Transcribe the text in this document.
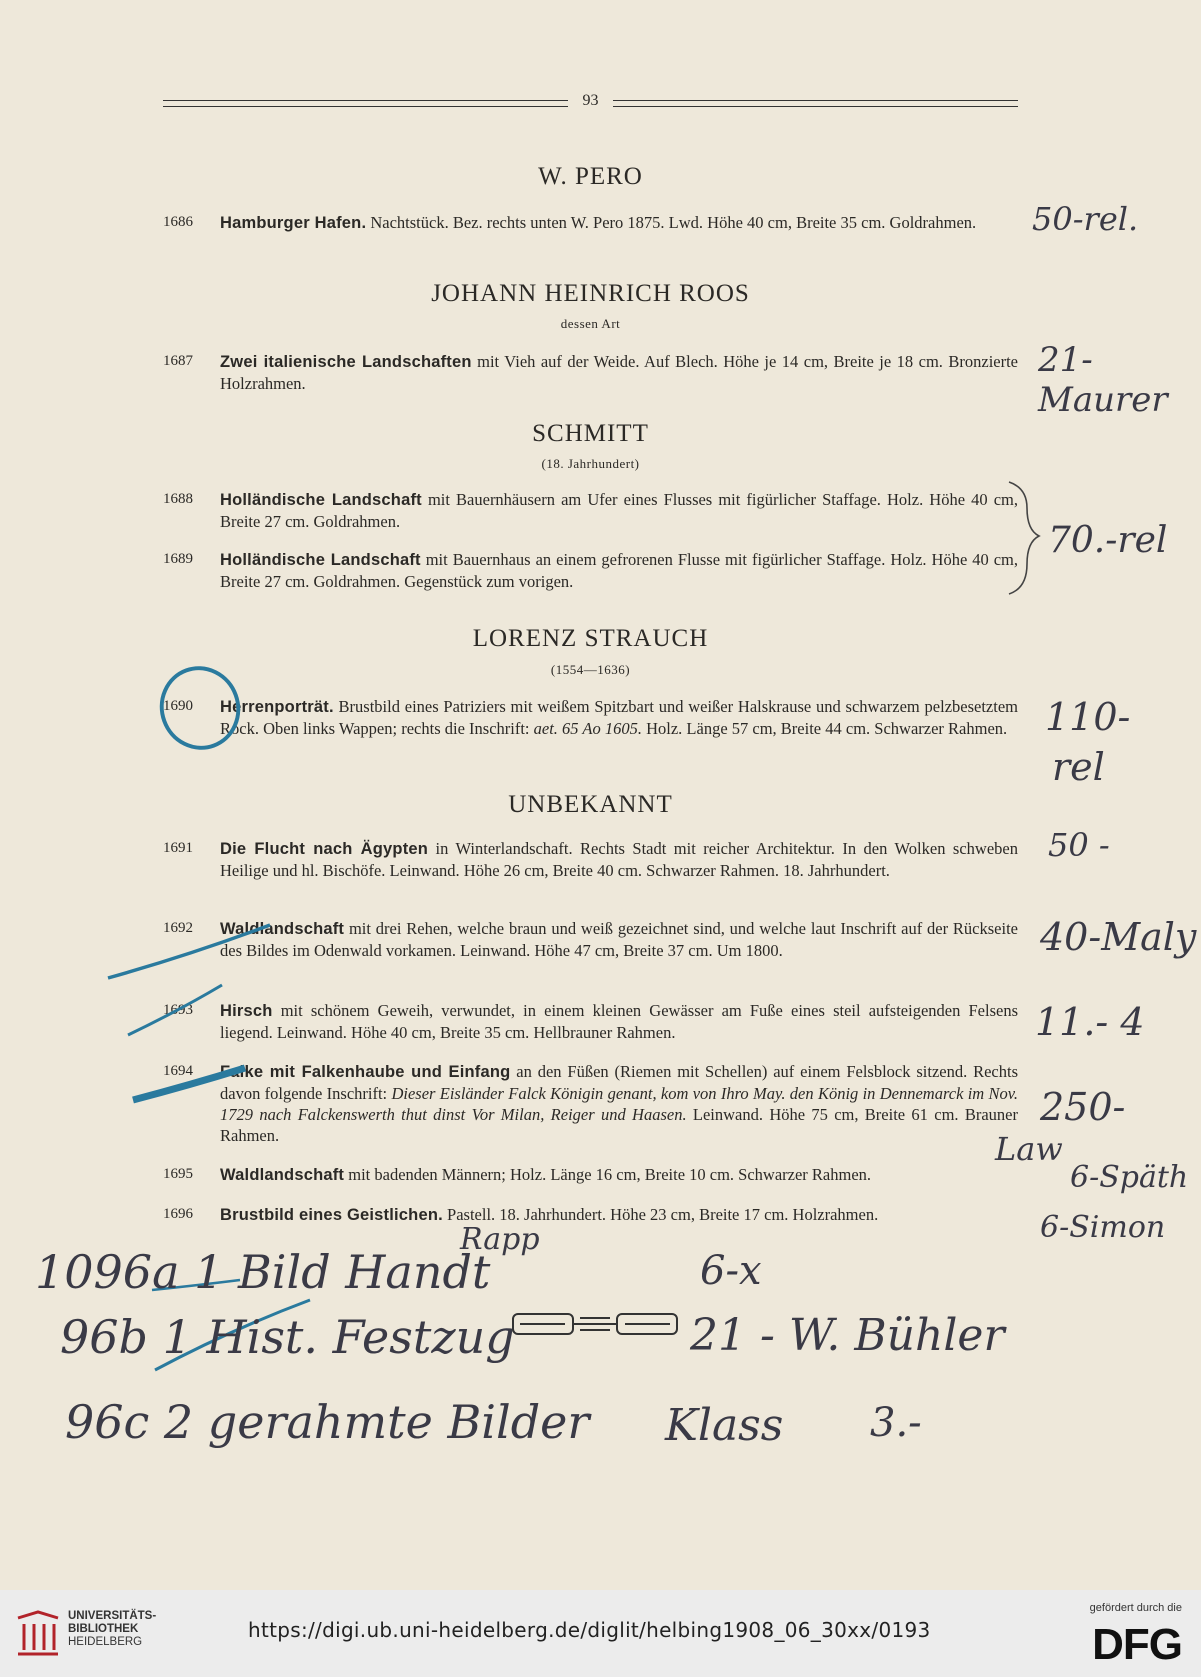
93
W. PERO
JOHANN HEINRICH ROOS
dessen Art
SCHMITT
(18. Jahrhundert)
LORENZ STRAUCH
(1554—1636)
UNBEKANNT
1686	Hamburger Hafen. Nachtstück. Bez. rechts unten W. Pero 1875. Lwd. Höhe 40 cm, Breite 35 cm. Goldrahmen.
1687	Zwei italienische Landschaften mit Vieh auf der Weide. Auf Blech. Höhe je 14 cm, Breite je 18 cm. Bronzierte Holzrahmen.
1688	Holländische Landschaft mit Bauernhäusern am Ufer eines Flusses mit figürlicher Staffage. Holz. Höhe 40 cm, Breite 27 cm. Goldrahmen.
1689	Holländische Landschaft mit Bauernhaus an einem gefrorenen Flusse mit figürlicher Staffage. Holz. Höhe 40 cm, Breite 27 cm. Goldrahmen. Gegenstück zum vorigen.
1690	Herrenporträt. Brustbild eines Patriziers mit weißem Spitzbart und weißer Halskrause und schwarzem pelzbesetztem Rock. Oben links Wappen; rechts die Inschrift: aet. 65 Ao 1605. Holz. Länge 57 cm, Breite 44 cm. Schwarzer Rahmen.
1691	Die Flucht nach Ägypten in Winterlandschaft. Rechts Stadt mit reicher Architektur. In den Wolken schweben Heilige und hl. Bischöfe. Leinwand. Höhe 26 cm, Breite 40 cm. Schwarzer Rahmen. 18. Jahrhundert.
1692	Waldlandschaft mit drei Rehen, welche braun und weiß gezeichnet sind, und welche laut Inschrift auf der Rückseite des Bildes im Odenwald vorkamen. Leinwand. Höhe 47 cm, Breite 37 cm. Um 1800.
1693	Hirsch mit schönem Geweih, verwundet, in einem kleinen Gewässer am Fuße eines steil aufsteigenden Felsens liegend. Leinwand. Höhe 40 cm, Breite 35 cm. Hellbrauner Rahmen.
1694	Falke mit Falkenhaube und Einfang an den Füßen (Riemen mit Schellen) auf einem Felsblock sitzend. Rechts davon folgende Inschrift: Dieser Eisländer Falck Königin genant, kom von Ihro May. den König in Dennemarck im Nov. 1729 nach Falckenswerth thut dinst Vor Milan, Reiger und Haasen. Leinwand. Höhe 75 cm, Breite 61 cm. Brauner Rahmen.
1695	Waldlandschaft mit badenden Männern; Holz. Länge 16 cm, Breite 10 cm. Schwarzer Rahmen.
1696	Brustbild eines Geistlichen. Pastell. 18. Jahrhundert. Höhe 23 cm, Breite 17 cm. Holzrahmen.
50-rel.
21-Maurer
70.-rel
110-
rel
50 -
40-Maly
11.- 4
250-
Law
6-Späth
6-Simon
1096a 1 Bild Handt
Rapp
6-x
96b 1 Hist. Festzug	21 - W. Bühler
96c 2 gerahmte Bilder Klass 3.-
UNIVERSITÄTS-
BIBLIOTHEK
HEIDELBERG	https://digi.ub.uni-heidelberg.de/diglit/helbing1908_06_30xx/0193
gefördert durch die
DFG
